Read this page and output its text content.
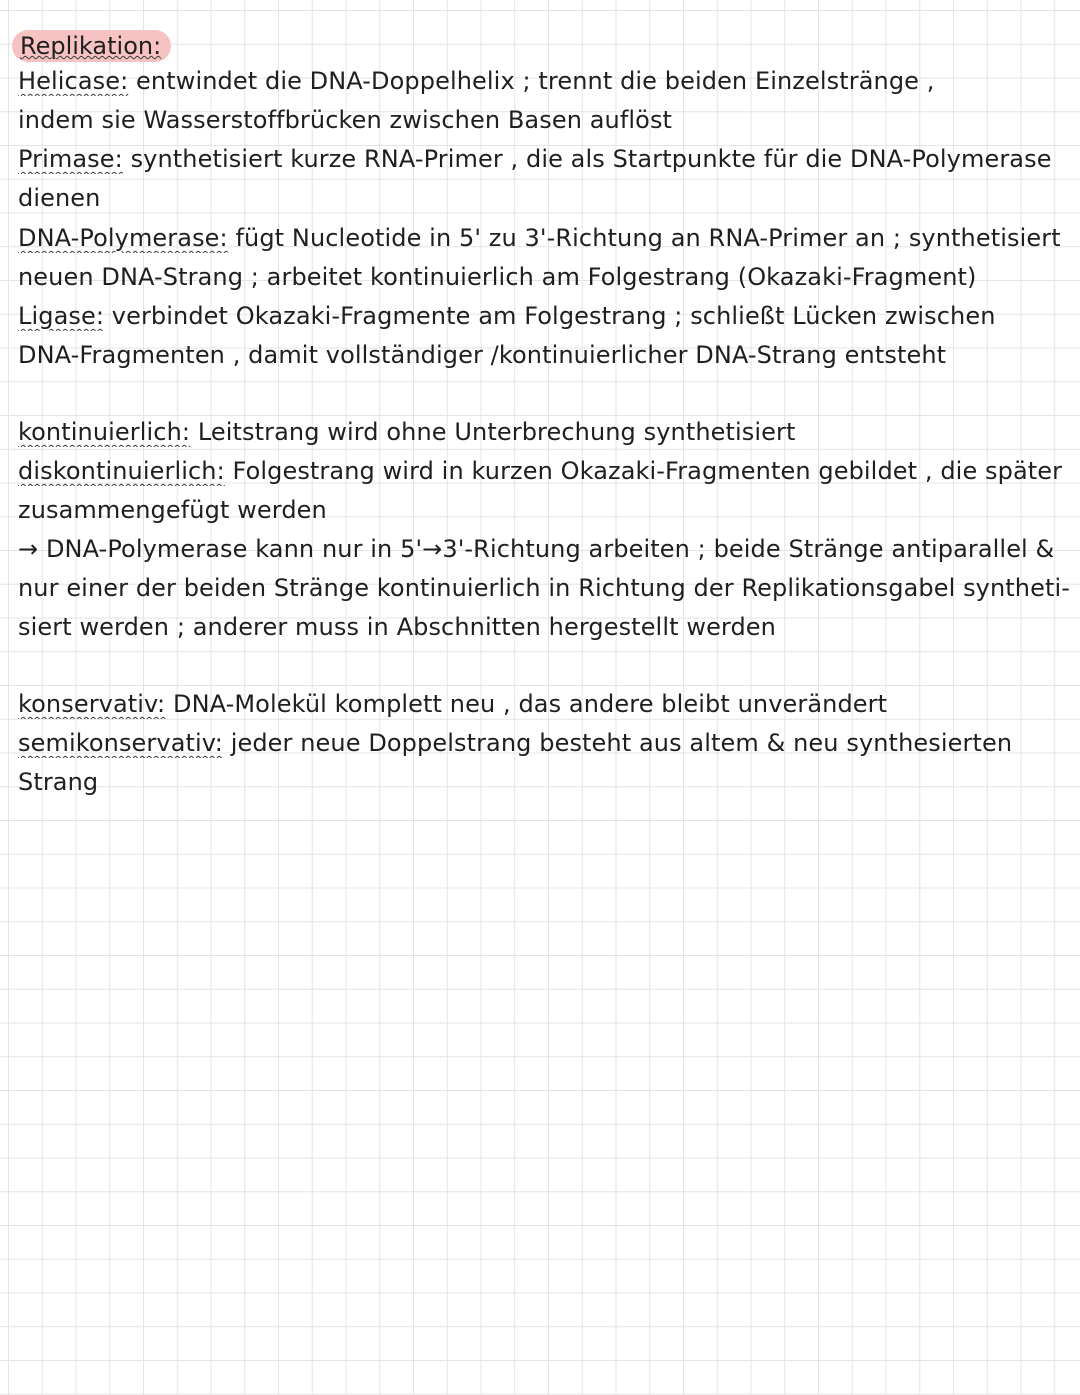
Replikation:
Helicase: entwindet die DNA-Doppelhelix ; trennt die beiden Einzelstränge ,
indem sie Wasserstoffbrücken zwischen Basen auflöst
Primase: synthetisiert kurze RNA-Primer , die als Startpunkte für die DNA-Polymerase
dienen
DNA-Polymerase: fügt Nucleotide in 5' zu 3'-Richtung an RNA-Primer an ; synthetisiert
neuen DNA-Strang ; arbeitet kontinuierlich am Folgestrang (Okazaki-Fragment)
Ligase: verbindet Okazaki-Fragmente am Folgestrang ; schließt Lücken zwischen
DNA-Fragmenten , damit vollständiger /kontinuierlicher DNA-Strang entsteht
kontinuierlich: Leitstrang wird ohne Unterbrechung synthetisiert
diskontinuierlich: Folgestrang wird in kurzen Okazaki-Fragmenten gebildet , die später
zusammengefügt werden
→ DNA-Polymerase kann nur in 5'→3'-Richtung arbeiten ; beide Stränge antiparallel &
nur einer der beiden Stränge kontinuierlich in Richtung der Replikationsgabel syntheti-
siert werden ; anderer muss in Abschnitten hergestellt werden
konservativ: DNA-Molekül komplett neu , das andere bleibt unverändert
semikonservativ: jeder neue Doppelstrang besteht aus altem & neu synthesierten
Strang
